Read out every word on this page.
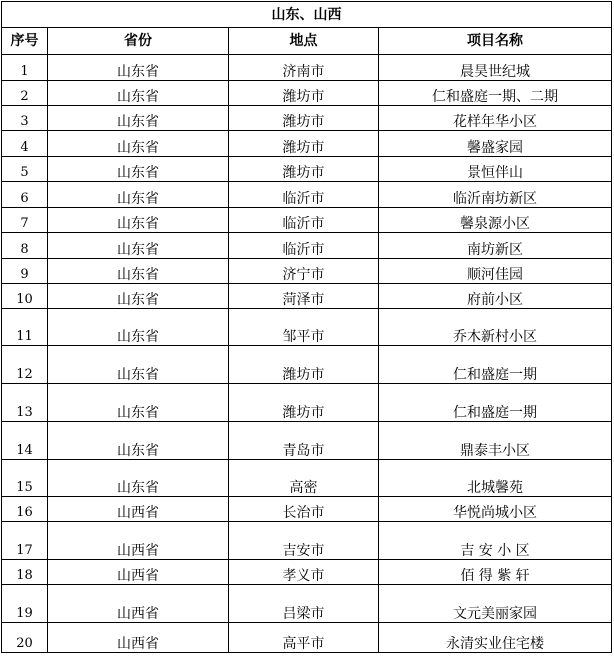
山东、山西			
序号	省份	地点	项目名称
1	山东省	济南市	晨昊世纪城
2	山东省	潍坊市	仁和盛庭一期、二期
3	山东省	潍坊市	花样年华小区
4	山东省	潍坊市	馨盛家园
5	山东省	潍坊市	景恒伴山
6	山东省	临沂市	临沂南坊新区
7	山东省	临沂市	馨泉源小区
8	山东省	临沂市	南坊新区
9	山东省	济宁市	顺河佳园
10	山东省	菏泽市	府前小区
11	山东省	邹平市	乔木新村小区
12	山东省	潍坊市	仁和盛庭一期
13	山东省	潍坊市	仁和盛庭一期
14	山东省	青岛市	鼎泰丰小区
15	山东省	高密	北城馨苑
16	山西省	长治市	华悦尚城小区
17	山西省	吉安市	吉 安 小 区
18	山西省	孝义市	佰 得 紫 轩
19	山西省	吕梁市	文元美丽家园
20	山西省	高平市	永清实业住宅楼
